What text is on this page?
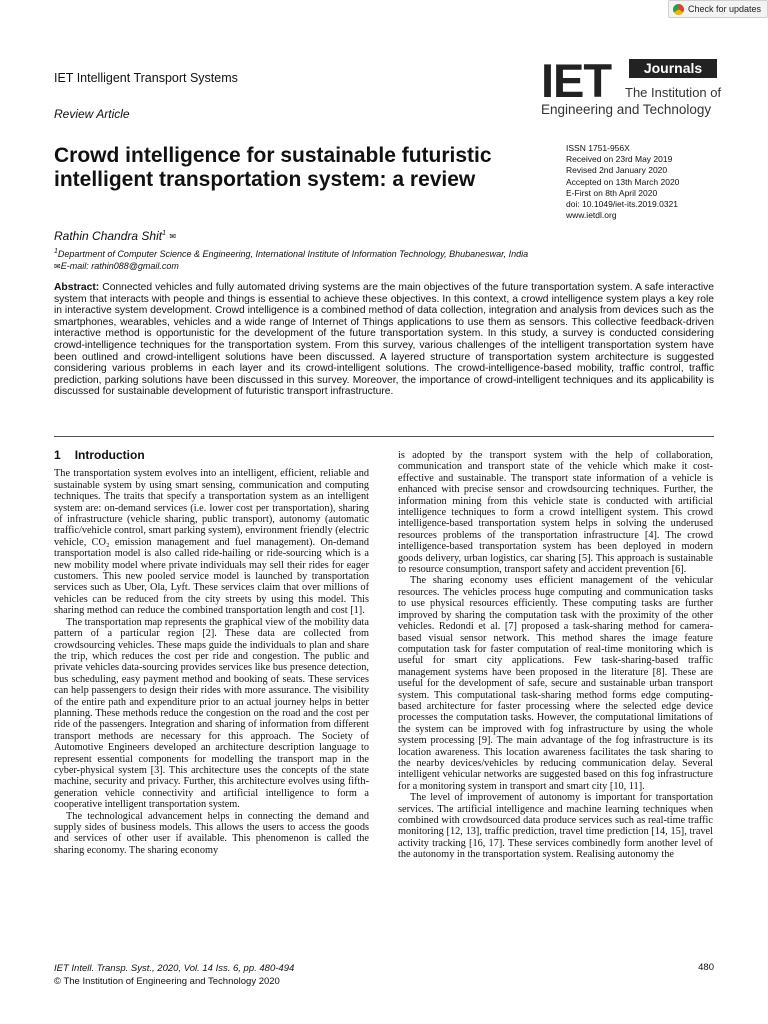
Check for updates
IET Intelligent Transport Systems
Review Article
IET	Journals
The Institution of
Engineering and Technology
Crowd intelligence for sustainable futuristic intelligent transportation system: a review
ISSN 1751-956X
Received on 23rd May 2019
Revised 2nd January 2020
Accepted on 13th March 2020
E-First on 8th April 2020
doi: 10.1049/iet-its.2019.0321
www.ietdl.org
Rathin Chandra Shit$^1$ ✉
$^1$Department of Computer Science & Engineering, International Institute of Information Technology, Bhubaneswar, India
✉E-mail: rathin088@gmail.com

Abstract: Connected vehicles and fully automated driving systems are the main objectives of the future transportation system. A safe interactive system that interacts with people and things is essential to achieve these objectives. In this context, a crowd intelligence system plays a key role in interactive system development. Crowd intelligence is a combined method of data collection, integration and analysis from devices such as the smartphones, wearables, vehicles and a wide range of Internet of Things applications to use them as sensors. This collective feedback-driven interactive method is opportunistic for the development of the future transportation system. In this study, a survey is conducted considering crowd-intelligence techniques for the transportation system. From this survey, various challenges of the intelligent transportation system have been outlined and crowd-intelligent solutions have been discussed. A layered structure of transportation system architecture is suggested considering various problems in each layer and its crowd-intelligent solutions. The crowd-intelligence-based mobility, traffic control, traffic prediction, parking solutions have been discussed in this survey. Moreover, the importance of crowd-intelligent techniques and its applicability is discussed for sustainable development of futuristic transport infrastructure.

1 Introduction

The transportation system evolves into an intelligent, efficient, reliable and sustainable system by using smart sensing, communication and computing techniques. The traits that specify a transportation system as an intelligent system are: on-demand services (i.e. lower cost per transportation), sharing of infrastructure (vehicle sharing, public transport), autonomy (automatic traffic/vehicle control, smart parking system), environment friendly (electric vehicle, CO₂ emission management and fuel management). On-demand transportation model is also called ride-hailing or ride-sourcing which is a new mobility model where private individuals may sell their rides for eager customers. This new pooled service model is launched by transportation services such as Uber, Ola, Lyft. These services claim that over millions of vehicles can be reduced from the city streets by using this model. This sharing method can reduce the combined transportation length and cost [1].

The transportation map represents the graphical view of the mobility data pattern of a particular region [2]. These data are collected from crowdsourcing vehicles. These maps guide the individuals to plan and share the trip, which reduces the cost per ride and congestion. The public and private vehicles data-sourcing provides services like bus presence detection, bus scheduling, easy payment method and booking of seats. These services can help passengers to design their rides with more assurance. The visibility of the entire path and expenditure prior to an actual journey helps in better planning. These methods reduce the congestion on the road and the cost per ride of the passengers. Integration and sharing of information from different transport methods are necessary for this approach. The Society of Automotive Engineers developed an architecture description language to represent essential components for modelling the transport map in the cyber-physical system [3]. This architecture uses the concepts of the state machine, security and privacy. Further, this architecture evolves using fifth-generation vehicle connectivity and artificial intelligence to form a cooperative intelligent transportation system.

The technological advancement helps in connecting the demand and supply sides of business models. This allows the users to access the goods and services of other user if available. This phenomenon is called the sharing economy. The sharing economy

is adopted by the transport system with the help of collaboration, communication and transport state of the vehicle which make it cost-effective and sustainable. The transport state information of a vehicle is enhanced with precise sensor and crowdsourcing techniques. Further, the information mining from this vehicle state is conducted with artificial intelligence techniques to form a crowd intelligent system. This crowd intelligence-based transportation system helps in solving the underused resources problems of the transportation infrastructure [4]. The crowd intelligence-based transportation system has been deployed in modern goods delivery, urban logistics, car sharing [5]. This approach is sustainable to resource consumption, transport safety and accident prevention [6].

The sharing economy uses efficient management of the vehicular resources. The vehicles process huge computing and communication tasks to use physical resources efficiently. These computing tasks are further improved by sharing the computation task with the proximity of the other vehicles. Redondi et al. [7] proposed a task-sharing method for camera-based visual sensor network. This method shares the image feature computation task for faster computation of real-time monitoring which is useful for smart city applications. Few task-sharing-based traffic management systems have been proposed in the literature [8]. These are useful for the development of safe, secure and sustainable urban transport system. This computational task-sharing method forms edge computing-based architecture for faster processing where the selected edge device processes the computation tasks. However, the computational limitations of the system can be improved with fog infrastructure by using the whole system processing [9]. The main advantage of the fog infrastructure is its location awareness. This location awareness facilitates the task sharing to the nearby devices/vehicles by reducing communication delay. Several intelligent vehicular networks are suggested based on this fog infrastructure for a monitoring system in transport and smart city [10, 11].

The level of improvement of autonomy is important for transportation services. The artificial intelligence and machine learning techniques when combined with crowdsourced data produce services such as real-time traffic monitoring [12, 13], traffic prediction, travel time prediction [14, 15], travel activity tracking [16, 17]. These services combinedly form another level of the autonomy in the transportation system. Realising autonomy the

IET Intell. Transp. Syst., 2020, Vol. 14 Iss. 6, pp. 480-494
© The Institution of Engineering and Technology 2020
480
